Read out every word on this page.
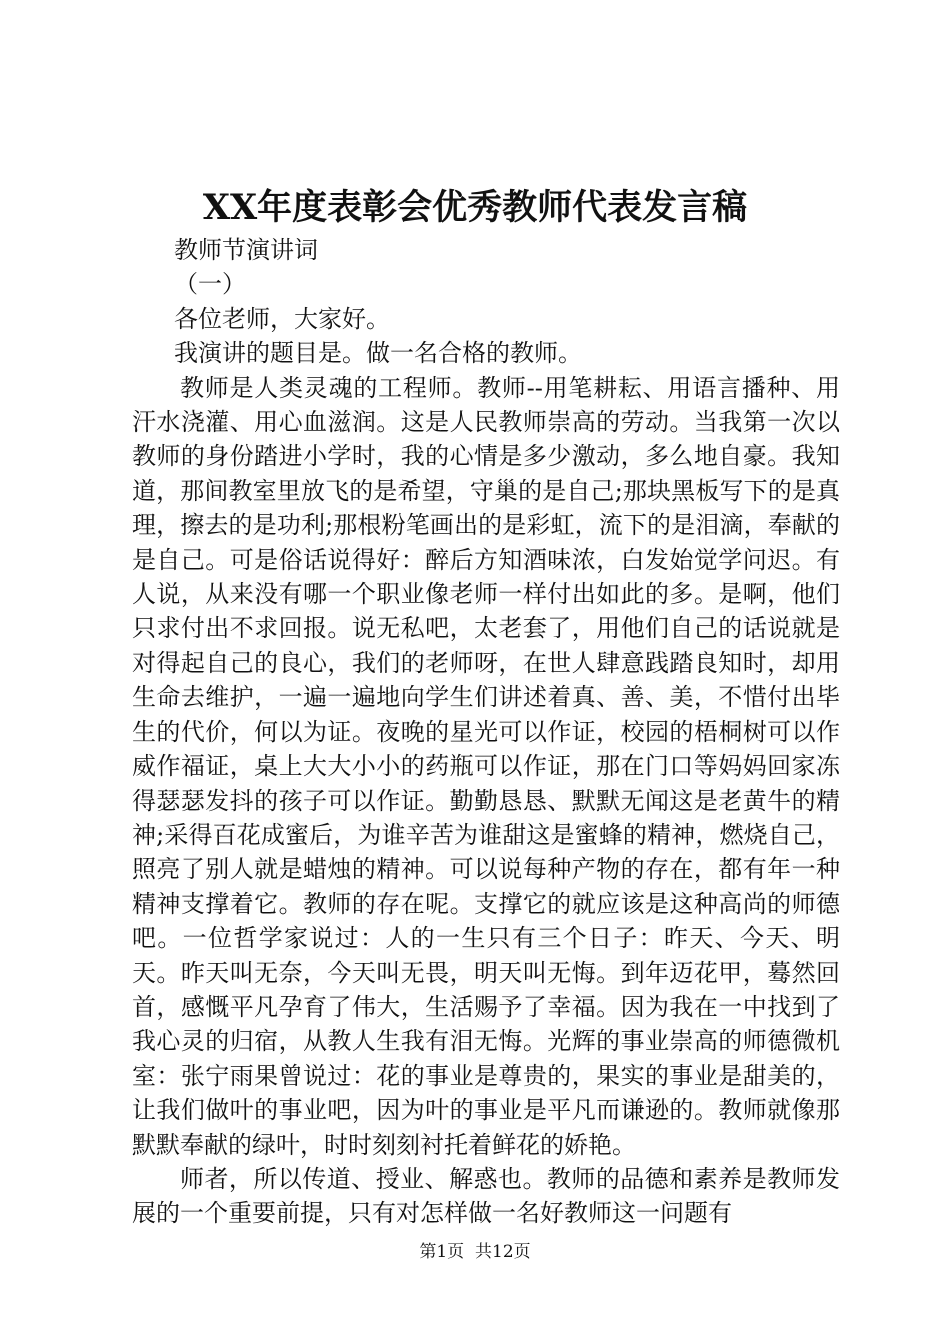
XX年度表彰会优秀教师代表发言稿

教师节演讲词

（一）

各位老师，大家好。

我演讲的题目是。做一名合格的教师。

教师是人类灵魂的工程师。教师--用笔耕耘、用语言播种、用汗水浇灌、用心血滋润。这是人民教师崇高的劳动。当我第一次以教师的身份踏进小学时，我的心情是多少激动，多么地自豪。我知道，那间教室里放飞的是希望，守巢的是自己;那块黑板写下的是真理，擦去的是功利;那根粉笔画出的是彩虹，流下的是泪滴，奉献的是自己。可是俗话说得好：醉后方知酒味浓，白发始觉学问迟。有人说，从来没有哪一个职业像老师一样付出如此的多。是啊，他们只求付出不求回报。说无私吧，太老套了，用他们自己的话说就是对得起自己的良心，我们的老师呀，在世人肆意践踏良知时，却用生命去维护，一遍一遍地向学生们讲述着真、善、美，不惜付出毕生的代价，何以为证。夜晚的星光可以作证，校园的梧桐树可以作威作福证，桌上大大小小的药瓶可以作证，那在门口等妈妈回家冻得瑟瑟发抖的孩子可以作证。勤勤恳恳、默默无闻这是老黄牛的精神;采得百花成蜜后，为谁辛苦为谁甜这是蜜蜂的精神，燃烧自己，照亮了别人就是蜡烛的精神。可以说每种产物的存在，都有年一种精神支撑着它。教师的存在呢。支撑它的就应该是这种高尚的师德吧。一位哲学家说过：人的一生只有三个日子：昨天、今天、明天。昨天叫无奈，今天叫无畏，明天叫无悔。到年迈花甲，蓦然回首，感慨平凡孕育了伟大，生活赐予了幸福。因为我在一中找到了我心灵的归宿，从教人生我有泪无悔。光辉的事业崇高的师德微机室：张宁雨果曾说过：花的事业是尊贵的，果实的事业是甜美的，让我们做叶的事业吧，因为叶的事业是平凡而谦逊的。教师就像那默默奉献的绿叶，时时刻刻衬托着鲜花的娇艳。

师者，所以传道、授业、解惑也。教师的品德和素养是教师发展的一个重要前提，只有对怎样做一名好教师这一问题有

第1页 共12页
